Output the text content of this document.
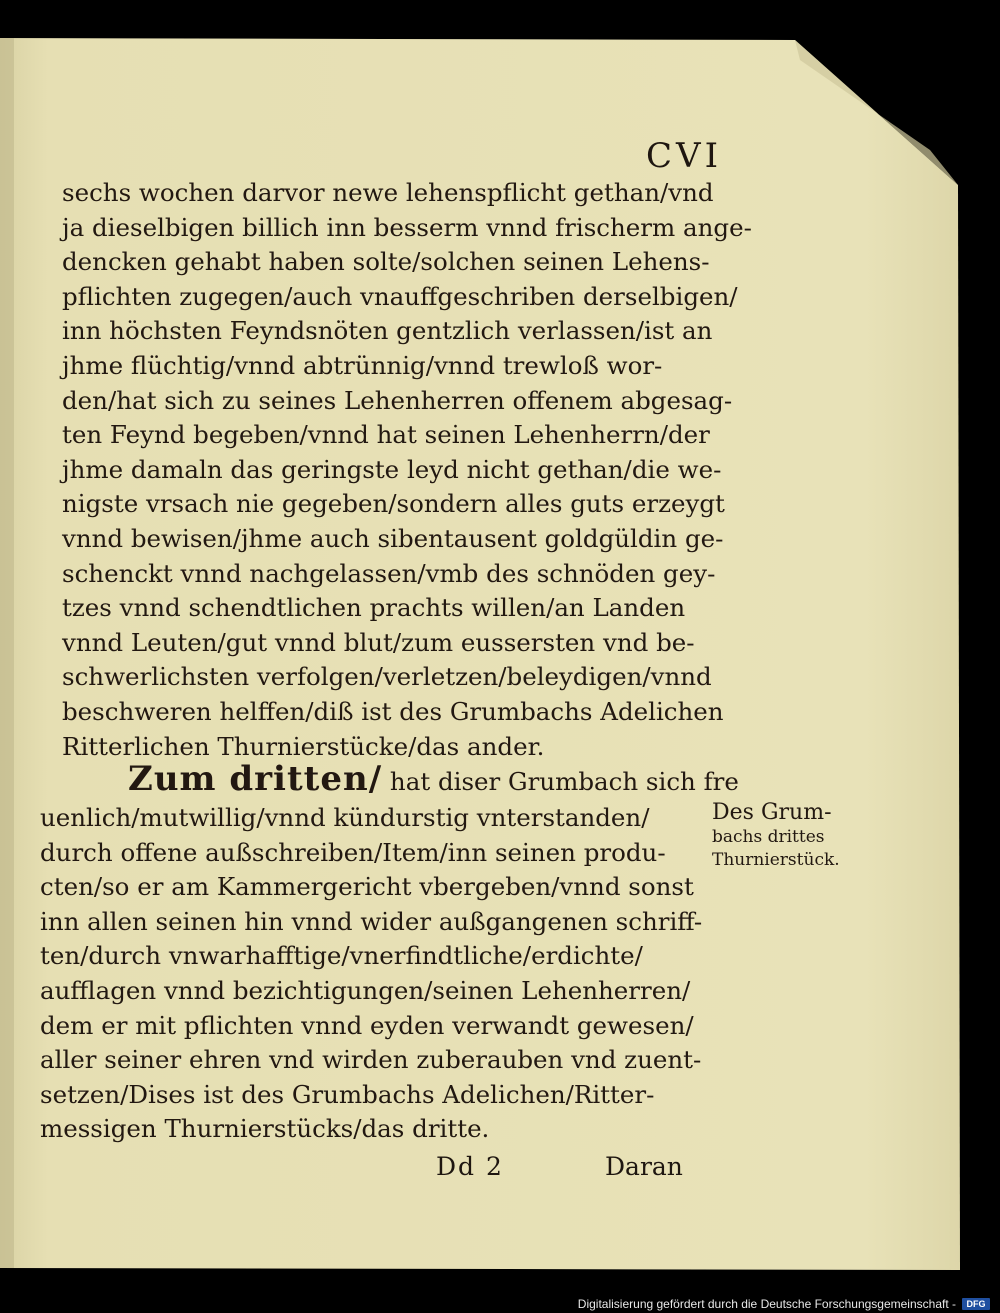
CVI
sechs wochen darvor newe lehenspflicht gethan/vnd
ja dieselbigen billich inn besserm vnnd frischerm ange-
dencken gehabt haben solte/solchen seinen Lehens-
pflichten zugegen/auch vnauffgeschriben derselbigen/
inn höchsten Feyndsnöten gentzlich verlassen/ist an
jhme flüchtig/vnnd abtrünnig/vnnd trewloß wor-
den/hat sich zu seines Lehenherren offenem abgesag-
ten Feynd begeben/vnnd hat seinen Lehenherrn/der
jhme damaln das geringste leyd nicht gethan/die we-
nigste vrsach nie gegeben/sondern alles guts erzeygt
vnnd bewisen/jhme auch sibentausent goldgüldin ge-
schenckt vnnd nachgelassen/vmb des schnöden gey-
tzes vnnd schendtlichen prachts willen/an Landen
vnnd Leuten/gut vnnd blut/zum eussersten vnd be-
schwerlichsten verfolgen/verletzen/beleydigen/vnnd
beschweren helffen/diß ist des Grumbachs Adelichen
Ritterlichen Thurnierstücke/das ander.
Zum dritten/ hat diser Grumbach sich fre
uenlich/mutwillig/vnnd kündurstig vnterstanden/
durch offene außschreiben/Item/inn seinen produ-
cten/so er am Kammergericht vbergeben/vnnd sonst
inn allen seinen hin vnnd wider außgangenen schriff-
ten/durch vnwarhafftige/vnerfindtliche/erdichte/
aufflagen vnnd bezichtigungen/seinen Lehenherren/
dem er mit pflichten vnnd eyden verwandt gewesen/
aller seiner ehren vnd wirden zuberauben vnd zuent-
setzen/Dises ist des Grumbachs Adelichen/Ritter-
messigen Thurnierstücks/das dritte.
Des Grum-
bachs drittes
Thurnierstück.
Dd 2	Daran
Digitalisierung gefördert durch die Deutsche Forschungsgemeinschaft -	DFG
